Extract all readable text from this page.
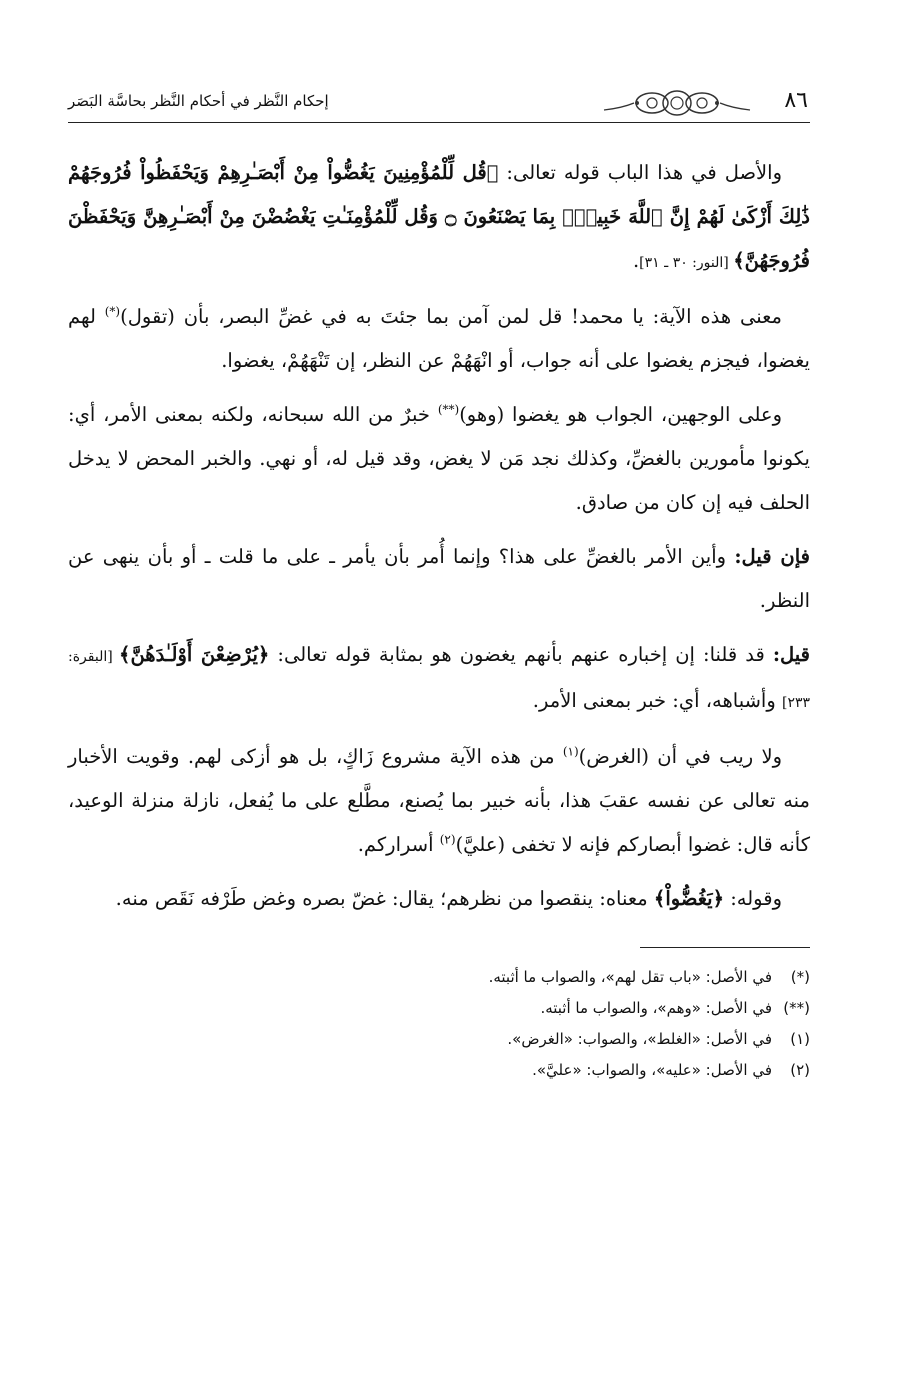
٨٦
إحكام النَّظر في أحكام النَّظر بحاسَّة البَصَر

والأصل في هذا الباب قوله تعالى: ﴿قُل لِّلْمُؤْمِنِينَ يَغُضُّواْ مِنْ أَبْصَـٰرِهِمْ وَيَحْفَظُواْ فُرُوجَهُمْ ذَٰلِكَ أَزْكَىٰ لَهُمْ إِنَّ ٱللَّهَ خَبِيرُۢ بِمَا يَصْنَعُونَ ۝ وَقُل لِّلْمُؤْمِنَـٰتِ يَغْضُضْنَ مِنْ أَبْصَـٰرِهِنَّ وَيَحْفَظْنَ فُرُوجَهُنَّ﴾ [النور: ٣٠ ـ ٣١].

معنى هذه الآية: يا محمد! قل لمن آمن بما جئتَ به في غضِّ البصر، بأن (تقول)(*) لهم يغضوا، فيجزم يغضوا على أنه جواب، أو انْهَهُمْ عن النظر، إن تَنْهَهُمْ، يغضوا.

وعلى الوجهين، الجواب هو يغضوا (وهو)(**) خبرٌ من الله سبحانه، ولكنه بمعنى الأمر، أي: يكونوا مأمورين بالغضِّ، وكذلك نجد مَن لا يغض، وقد قيل له، أو نهي. والخبر المحض لا يدخل الحلف فيه إن كان من صادق.

فإن قيل: وأين الأمر بالغضِّ على هذا؟ وإنما أُمر بأن يأمر ـ على ما قلت ـ أو بأن ينهى عن النظر.

قيل: قد قلنا: إن إخباره عنهم بأنهم يغضون هو بمثابة قوله تعالى: ﴿يُرْضِعْنَ أَوْلَـٰدَهُنَّ﴾ [البقرة: ٢٣٣] وأشباهه، أي: خبر بمعنى الأمر.

ولا ريب في أن (الغرض)$^{(١)}$ من هذه الآية مشروع زَاكٍ، بل هو أزكى لهم. وقويت الأخبار منه تعالى عن نفسه عقبَ هذا، بأنه خبير بما يُصنع، مطَّلع على ما يُفعل، نازلة منزلة الوعيد، كأنه قال: غضوا أبصاركم فإنه لا تخفى (عليَّ)$^{(٢)}$ أسراركم.

وقوله: ﴿يَغُضُّواْ﴾ معناه: ينقصوا من نظرهم؛ يقال: غضّ بصره وغض طَرْفه نَقَص منه.

(*)في الأصل: «باب تقل لهم»، والصواب ما أثبته.

(**)في الأصل: «وهم»، والصواب ما أثبته.

(١)في الأصل: «الغلط»، والصواب: «الغرض».

(٢)في الأصل: «عليه»، والصواب: «عليَّ».
